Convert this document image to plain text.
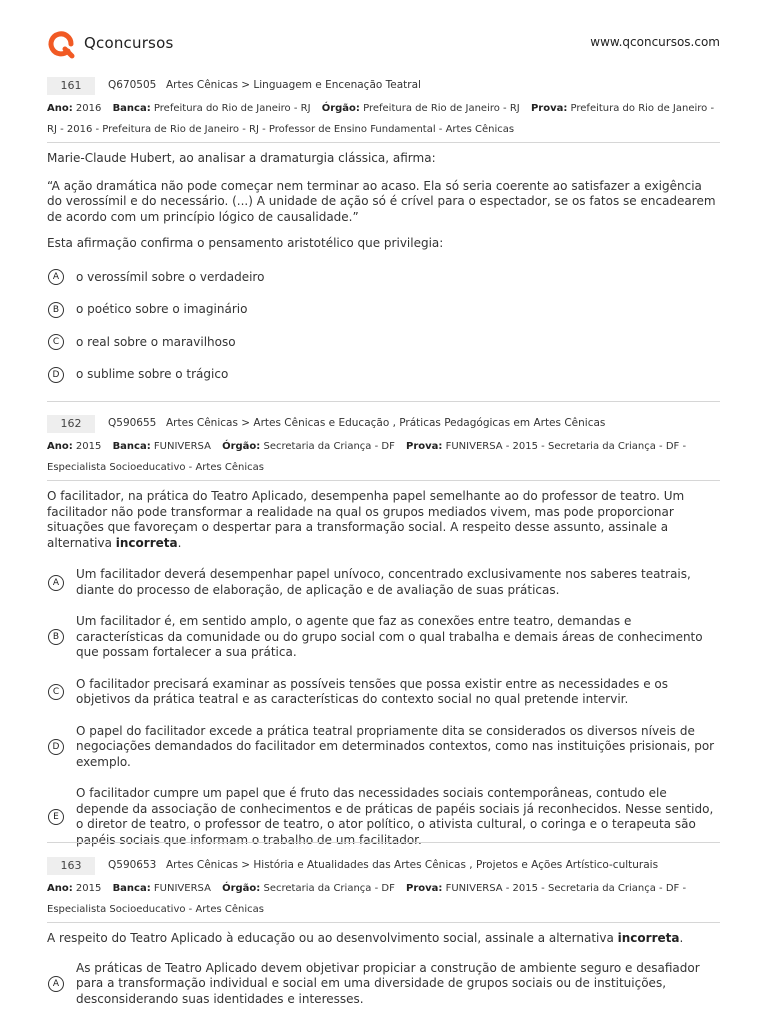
Qconcursos	www.qconcursos.com
161	Q670505 Artes Cênicas > Linguagem e Encenação Teatral
Ano: 2016 Banca: Prefeitura do Rio de Janeiro - RJ Órgão: Prefeitura de Rio de Janeiro - RJ Prova: Prefeitura do Rio de Janeiro - RJ - 2016 - Prefeitura de Rio de Janeiro - RJ - Professor de Ensino Fundamental - Artes Cênicas

Marie-Claude Hubert, ao analisar a dramaturgia clássica, afirma:

“A ação dramática não pode começar nem terminar ao acaso. Ela só seria coerente ao satisfazer a exigência do verossímil e do necessário. (...) A unidade de ação só é crível para o espectador, se os fatos se encadearem de acordo com um princípio lógico de causalidade.”

Esta afirmação confirma o pensamento aristotélico que privilegia:

A	o verossímil sobre o verdadeiro
B	o poético sobre o imaginário
C	o real sobre o maravilhoso
D	o sublime sobre o trágico
162	Q590655 Artes Cênicas > Artes Cênicas e Educação , Práticas Pedagógicas em Artes Cênicas
Ano: 2015 Banca: FUNIVERSA Órgão: Secretaria da Criança - DF Prova: FUNIVERSA - 2015 - Secretaria da Criança - DF - Especialista Socioeducativo - Artes Cênicas

O facilitador, na prática do Teatro Aplicado, desempenha papel semelhante ao do professor de teatro. Um facilitador não pode transformar a realidade na qual os grupos mediados vivem, mas pode proporcionar situações que favoreçam o despertar para a transformação social. A respeito desse assunto, assinale a alternativa incorreta.

A
Um facilitador deverá desempenhar papel unívoco, concentrado exclusivamente nos saberes teatrais, diante do processo de elaboração, de aplicação e de avaliação de suas práticas.
B
Um facilitador é, em sentido amplo, o agente que faz as conexões entre teatro, demandas e características da comunidade ou do grupo social com o qual trabalha e demais áreas de conhecimento que possam fortalecer a sua prática.
C
O facilitador precisará examinar as possíveis tensões que possa existir entre as necessidades e os objetivos da prática teatral e as características do contexto social no qual pretende intervir.
D
O papel do facilitador excede a prática teatral propriamente dita se considerados os diversos níveis de negociações demandados do facilitador em determinados contextos, como nas instituições prisionais, por exemplo.
E
O facilitador cumpre um papel que é fruto das necessidades sociais contemporâneas, contudo ele depende da associação de conhecimentos e de práticas de papéis sociais já reconhecidos. Nesse sentido, o diretor de teatro, o professor de teatro, o ator político, o ativista cultural, o coringa e o terapeuta são papéis sociais que informam o trabalho de um facilitador.
163	Q590653 Artes Cênicas > História e Atualidades das Artes Cênicas , Projetos e Ações Artístico-culturais
Ano: 2015 Banca: FUNIVERSA Órgão: Secretaria da Criança - DF Prova: FUNIVERSA - 2015 - Secretaria da Criança - DF - Especialista Socioeducativo - Artes Cênicas

A respeito do Teatro Aplicado à educação ou ao desenvolvimento social, assinale a alternativa incorreta.

A
As práticas de Teatro Aplicado devem objetivar propiciar a construção de ambiente seguro e desafiador para a transformação individual e social em uma diversidade de grupos sociais ou de instituições, desconsiderando suas identidades e interesses.
